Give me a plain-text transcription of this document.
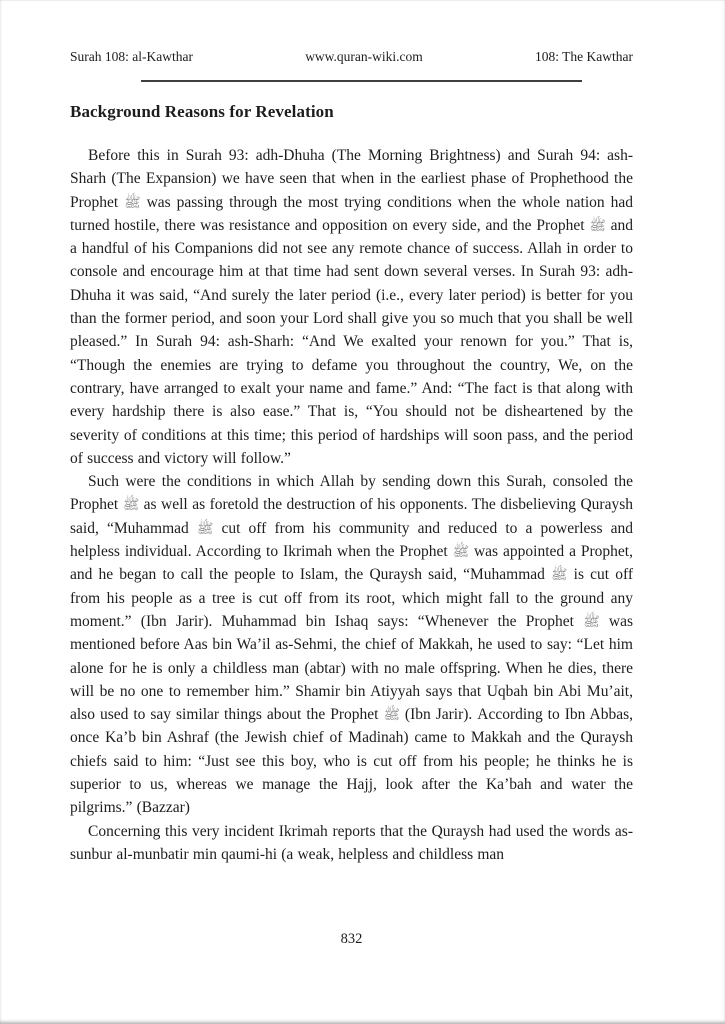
Surah 108: al-Kawthar	www.quran-wiki.com	108: The Kawthar
Background Reasons for Revelation

Before this in Surah 93: adh-Dhuha (The Morning Brightness) and Surah 94: ash-Sharh (The Expansion) we have seen that when in the earliest phase of Prophethood the Prophet ﷺ was passing through the most trying conditions when the whole nation had turned hostile, there was resistance and opposition on every side, and the Prophet ﷺ and a handful of his Companions did not see any remote chance of success. Allah in order to console and encourage him at that time had sent down several verses. In Surah 93: adh-Dhuha it was said, “And surely the later period (i.e., every later period) is better for you than the former period, and soon your Lord shall give you so much that you shall be well pleased.” In Surah 94: ash-Sharh: “And We exalted your renown for you.” That is, “Though the enemies are trying to defame you throughout the country, We, on the contrary, have arranged to exalt your name and fame.” And: “The fact is that along with every hardship there is also ease.” That is, “You should not be disheartened by the severity of conditions at this time; this period of hardships will soon pass, and the period of success and victory will follow.”

Such were the conditions in which Allah by sending down this Surah, consoled the Prophet ﷺ as well as foretold the destruction of his opponents. The disbelieving Quraysh said, “Muhammad ﷺ cut off from his community and reduced to a powerless and helpless individual. According to Ikrimah when the Prophet ﷺ was appointed a Prophet, and he began to call the people to Islam, the Quraysh said, “Muhammad ﷺ is cut off from his people as a tree is cut off from its root, which might fall to the ground any moment.” (Ibn Jarir). Muhammad bin Ishaq says: “Whenever the Prophet ﷺ was mentioned before Aas bin Wa’il as-Sehmi, the chief of Makkah, he used to say: “Let him alone for he is only a childless man (abtar) with no male offspring. When he dies, there will be no one to remember him.” Shamir bin Atiyyah says that Uqbah bin Abi Mu’ait, also used to say similar things about the Prophet ﷺ (Ibn Jarir). According to Ibn Abbas, once Ka’b bin Ashraf (the Jewish chief of Madinah) came to Makkah and the Quraysh chiefs said to him: “Just see this boy, who is cut off from his people; he thinks he is superior to us, whereas we manage the Hajj, look after the Ka’bah and water the pilgrims.” (Bazzar)

Concerning this very incident Ikrimah reports that the Quraysh had used the words as-sunbur al-munbatir min qaumi-hi (a weak, helpless and childless man

832
